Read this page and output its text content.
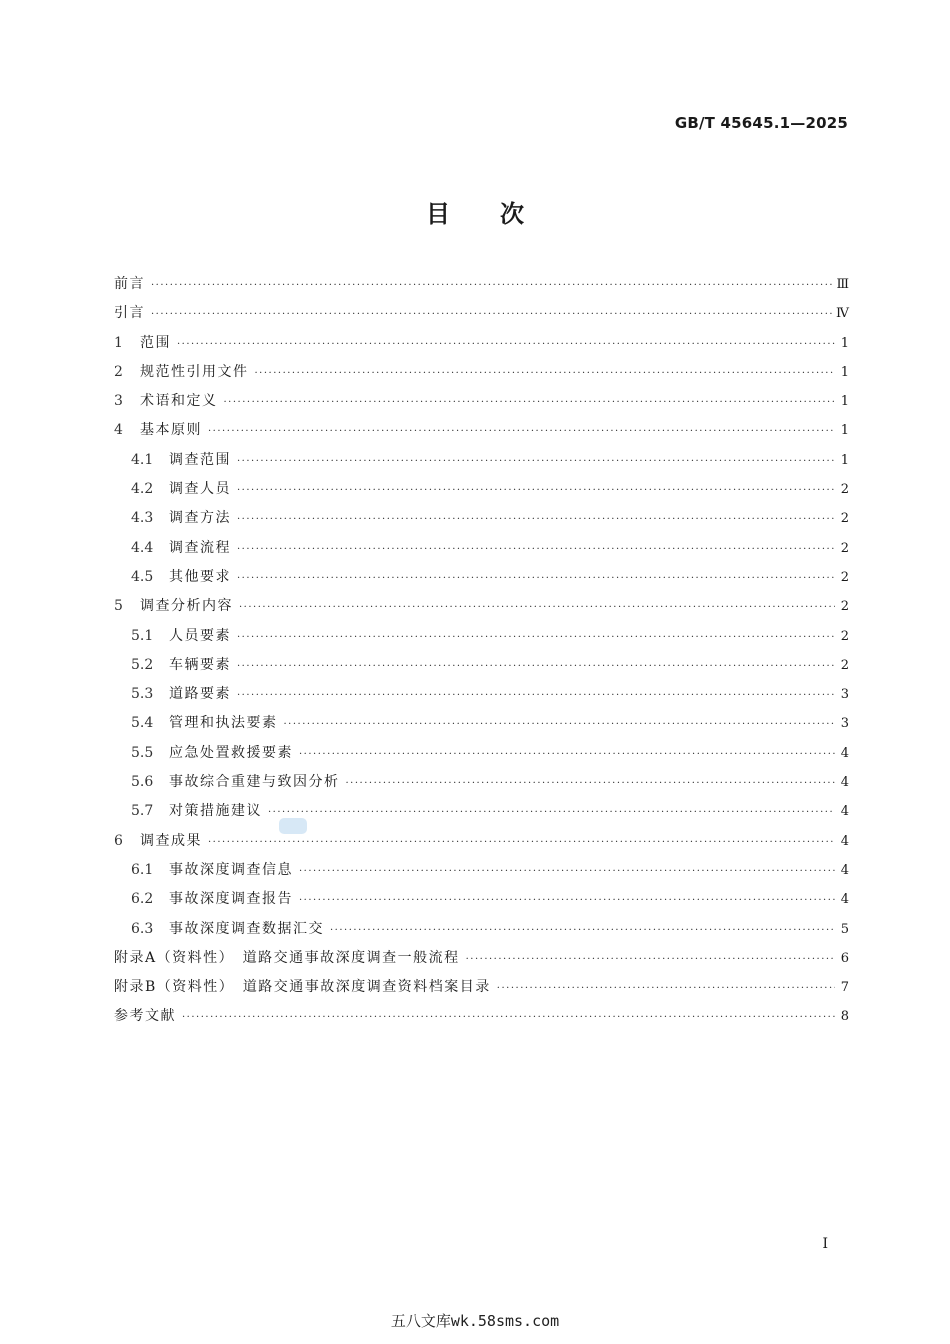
GB/T 45645.1—2025
目次
前言 ·····	Ⅲ
引言 ·····	Ⅳ
1	范围 ·····	1
2	规范性引用文件 ·····	1
3	术语和定义 ·····	1
4	基本原则 ·····	1
4.1	调查范围 ·····	1
4.2	调查人员 ·····	2
4.3	调查方法 ·····	2
4.4	调查流程 ·····	2
4.5	其他要求 ·····	2
5	调查分析内容 ·····	2
5.1	人员要素 ·····	2
5.2	车辆要素 ·····	2
5.3	道路要素 ·····	3
5.4	管理和执法要素 ·····	3
5.5	应急处置救援要素 ·····	4
5.6	事故综合重建与致因分析 ·····	4
5.7	对策措施建议 ·····	4
6	调查成果 ·····	4
6.1	事故深度调查信息 ·····	4
6.2	事故深度调查报告 ·····	4
6.3	事故深度调查数据汇交 ·····	5
附录A（资料性）　道路交通事故深度调查一般流程 ·····	6
附录B（资料性）　道路交通事故深度调查资料档案目录 ·····	7
参考文献 ·····	8
Ⅰ
五八文库wk.58sms.com
